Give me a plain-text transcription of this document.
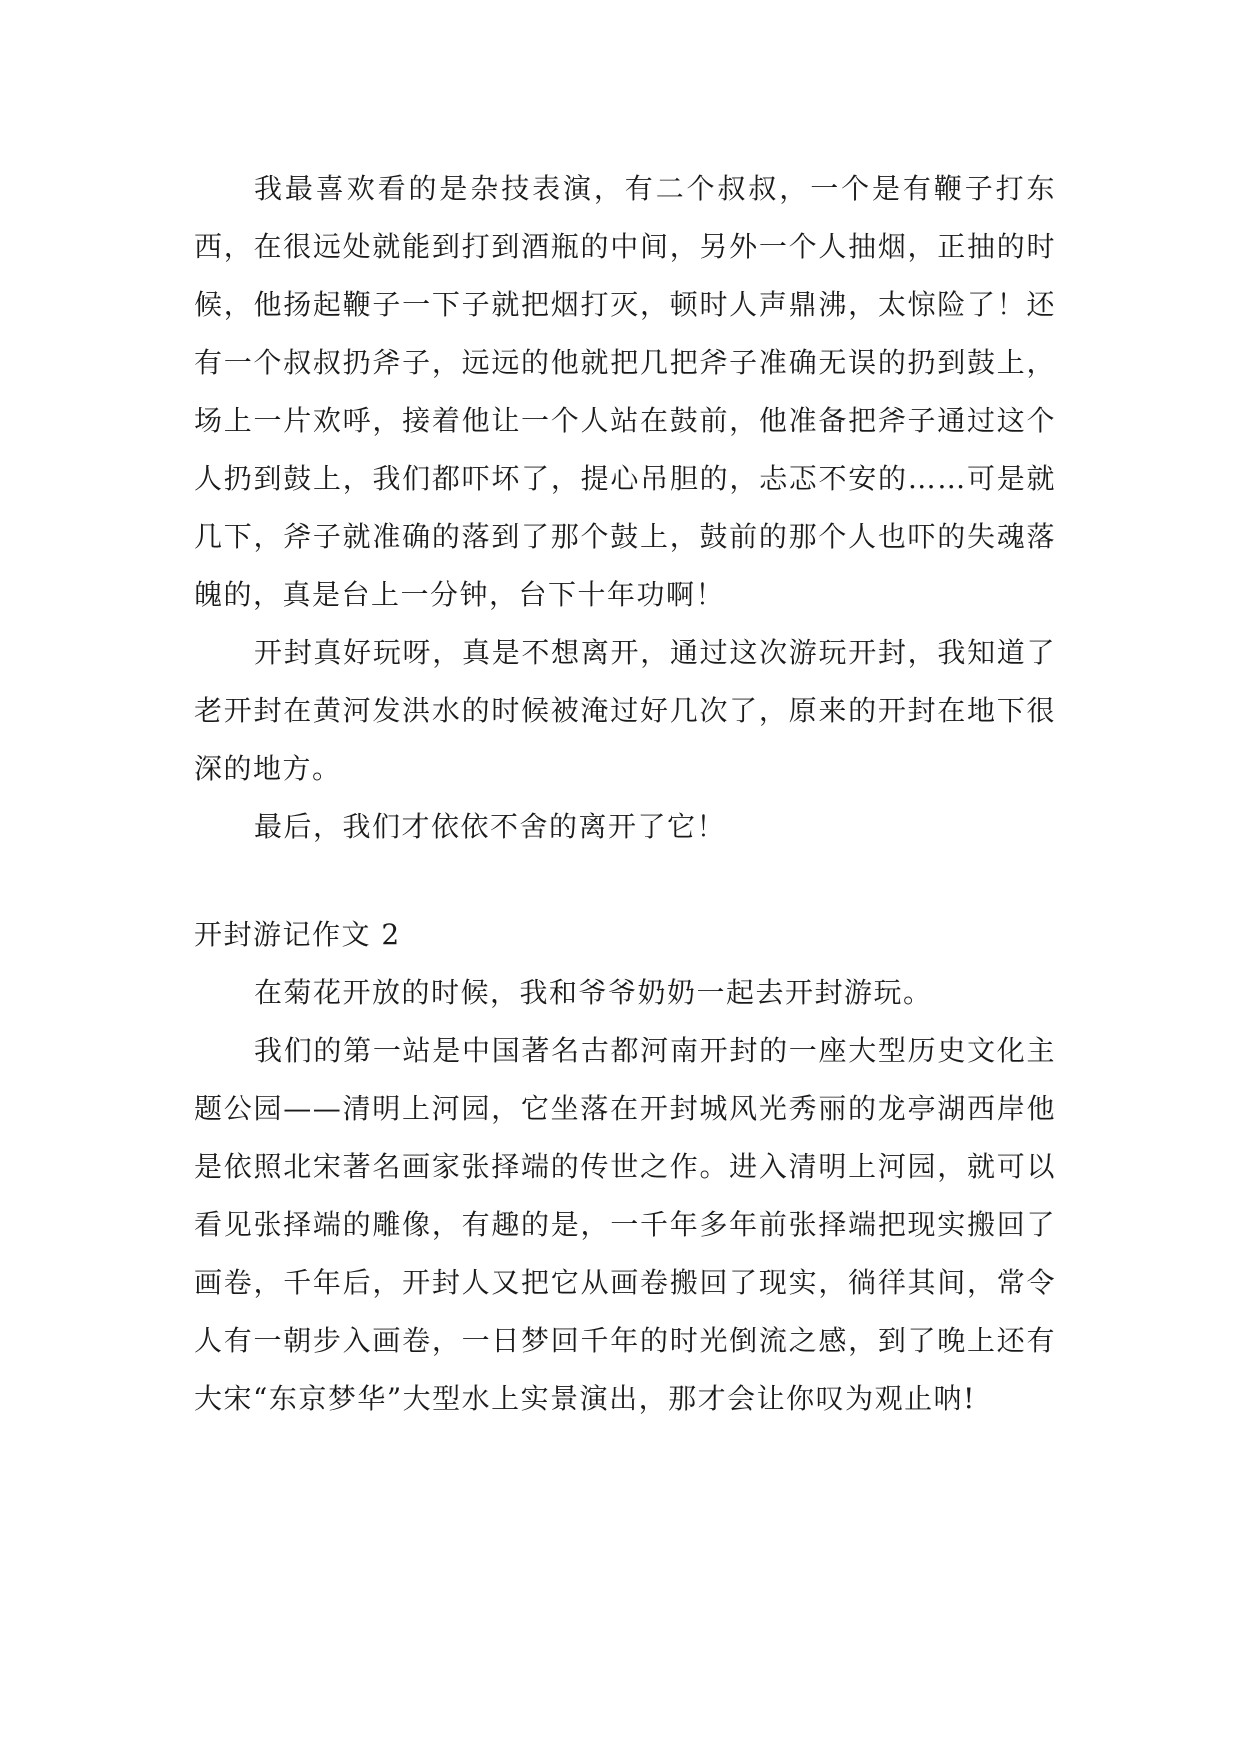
我最喜欢看的是杂技表演，有二个叔叔，一个是有鞭子打东西，在很远处就能到打到酒瓶的中间，另外一个人抽烟，正抽的时候，他扬起鞭子一下子就把烟打灭，顿时人声鼎沸，太惊险了！还有一个叔叔扔斧子，远远的他就把几把斧子准确无误的扔到鼓上，场上一片欢呼，接着他让一个人站在鼓前，他准备把斧子通过这个人扔到鼓上，我们都吓坏了，提心吊胆的，忐忑不安的……可是就几下，斧子就准确的落到了那个鼓上，鼓前的那个人也吓的失魂落魄的，真是台上一分钟，台下十年功啊！

开封真好玩呀，真是不想离开，通过这次游玩开封，我知道了老开封在黄河发洪水的时候被淹过好几次了，原来的开封在地下很深的地方。

最后，我们才依依不舍的离开了它！

开封游记作文 2

在菊花开放的时候，我和爷爷奶奶一起去开封游玩。

我们的第一站是中国著名古都河南开封的一座大型历史文化主题公园——清明上河园，它坐落在开封城风光秀丽的龙亭湖西岸他是依照北宋著名画家张择端的传世之作。进入清明上河园，就可以看见张择端的雕像，有趣的是，一千年多年前张择端把现实搬回了画卷，千年后，开封人又把它从画卷搬回了现实，徜徉其间，常令人有一朝步入画卷，一日梦回千年的时光倒流之感，到了晚上还有大宋“东京梦华”大型水上实景演出，那才会让你叹为观止呐!
